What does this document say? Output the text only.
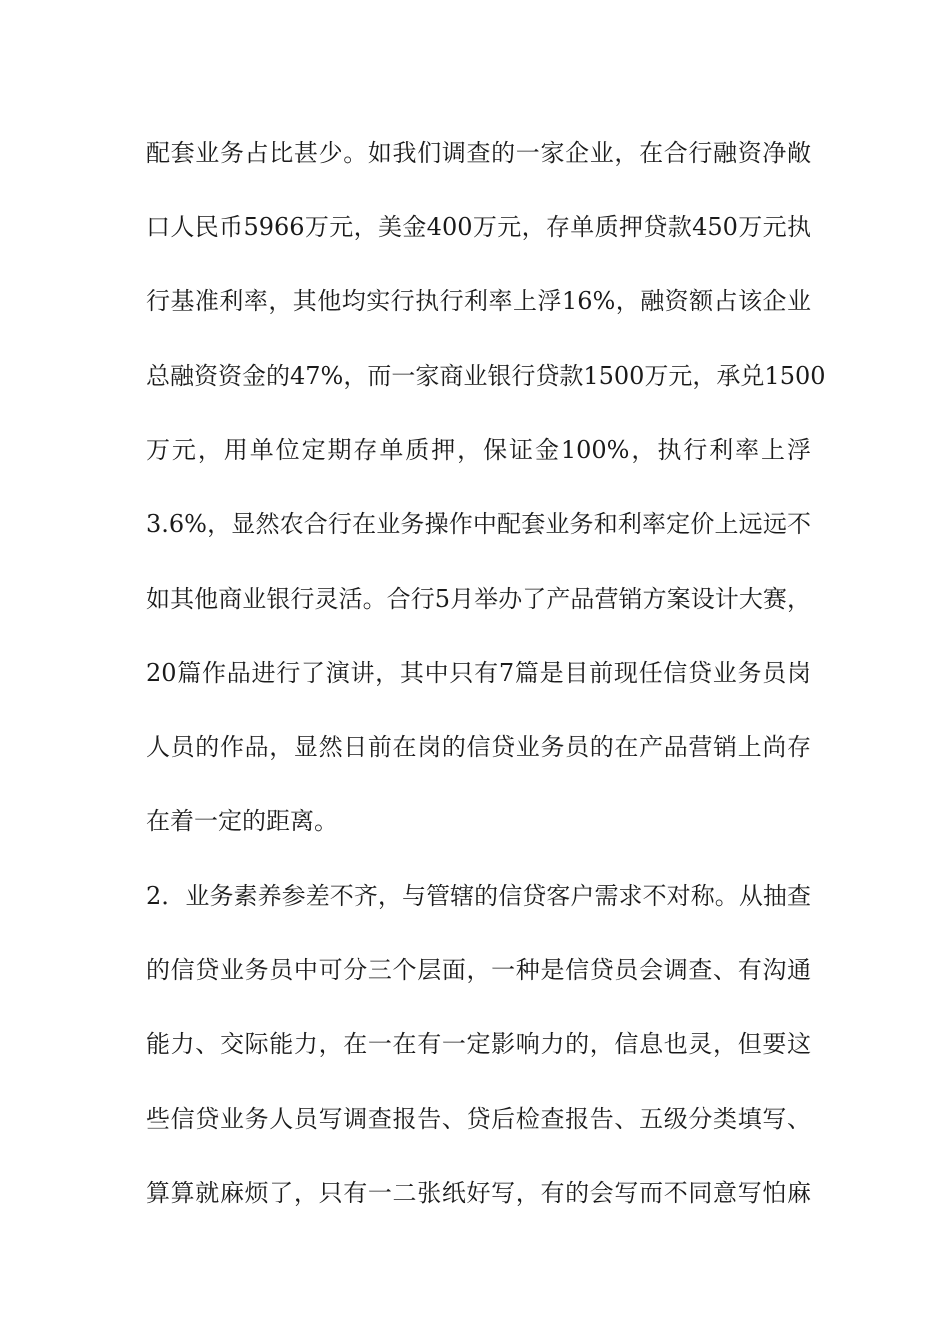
配套业务占比甚少。如我们调查的一家企业，在合行融资净敞
口人民币5966万元，美金400万元，存单质押贷款450万元执
行基准利率，其他均实行执行利率上浮16%，融资额占该企业
总融资资金的47%，而一家商业银行贷款1500万元，承兑1500
万元，用单位定期存单质押，保证金100%，执行利率上浮
3.6%，显然农合行在业务操作中配套业务和利率定价上远远不
如其他商业银行灵活。合行5月举办了产品营销方案设计大赛，
20篇作品进行了演讲，其中只有7篇是目前现任信贷业务员岗
人员的作品，显然日前在岗的信贷业务员的在产品营销上尚存
在着一定的距离。
2．业务素养参差不齐，与管辖的信贷客户需求不对称。从抽查
的信贷业务员中可分三个层面，一种是信贷员会调查、有沟通
能力、交际能力，在一在有一定影响力的，信息也灵，但要这
些信贷业务人员写调查报告、贷后检查报告、五级分类填写、
算算就麻烦了，只有一二张纸好写，有的会写而不同意写怕麻
